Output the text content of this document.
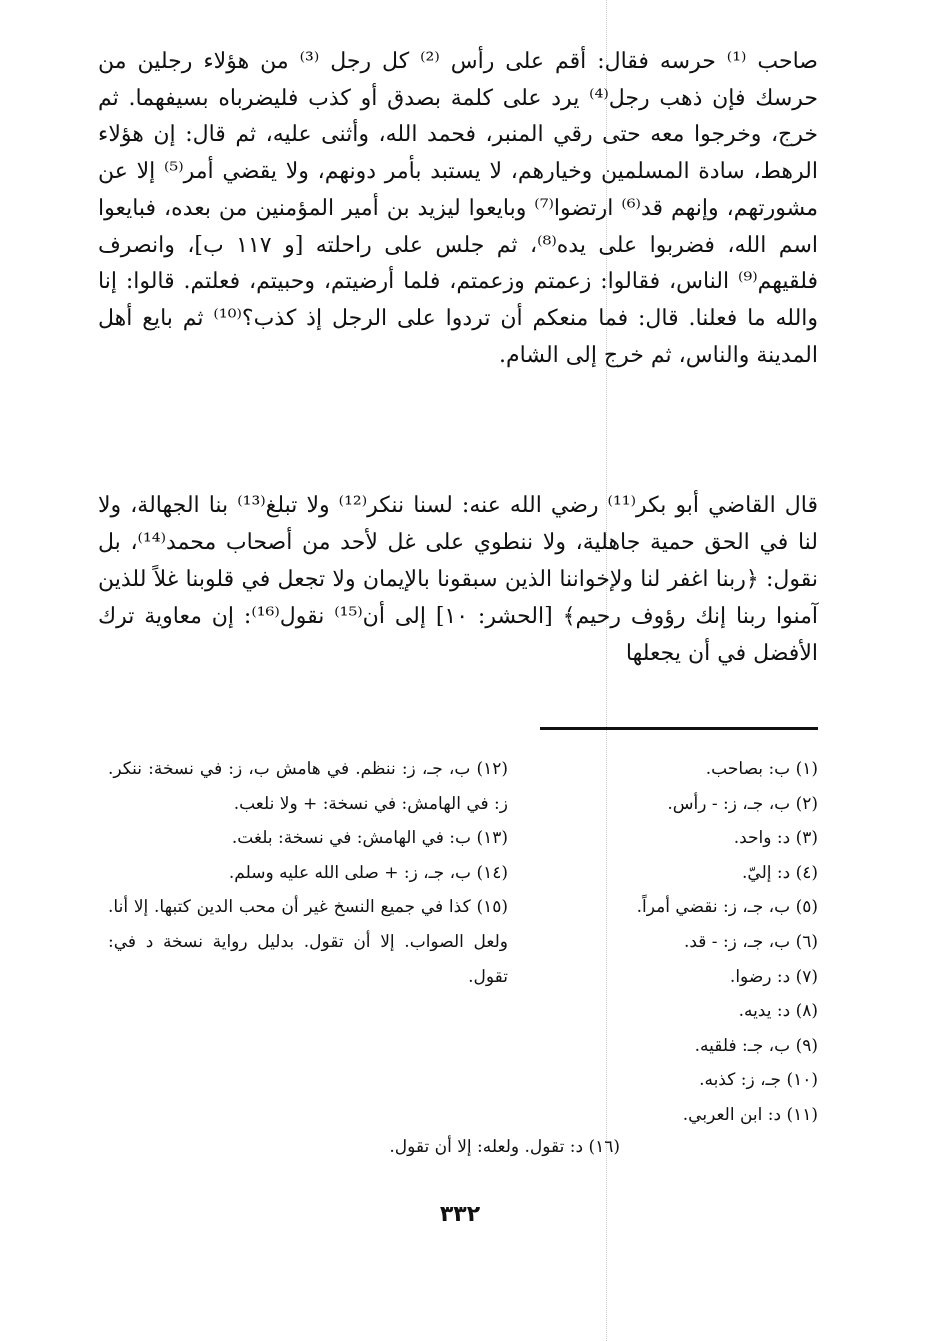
صاحب ⁽¹⁾ حرسه فقال: أقم على رأس ⁽²⁾ كل رجل ⁽³⁾ من هؤلاء رجلين من حرسك فإن ذهب رجل⁽⁴⁾ يرد على كلمة بصدق أو كذب فليضرباه بسيفهما. ثم خرج، وخرجوا معه حتى رقي المنبر، فحمد الله، وأثنى عليه، ثم قال: إن هؤلاء الرهط، سادة المسلمين وخيارهم، لا يستبد بأمر دونهم، ولا يقضي أمر⁽⁵⁾ إلا عن مشورتهم، وإنهم قد⁽⁶⁾ ارتضوا⁽⁷⁾ وبايعوا ليزيد بن أمير المؤمنين من بعده، فبايعوا اسم الله، فضربوا على يده⁽⁸⁾، ثم جلس على راحلته [و ١١٧ ب]، وانصرف فلقيهم⁽⁹⁾ الناس، فقالوا: زعمتم وزعمتم، فلما أرضيتم، وحبيتم، فعلتم. قالوا: إنا والله ما فعلنا. قال: فما منعكم أن تردوا على الرجل إذ كذب؟⁽¹⁰⁾ ثم بايع أهل المدينة والناس، ثم خرج إلى الشام.

قال القاضي أبو بكر⁽¹¹⁾ رضي الله عنه: لسنا ننكر⁽¹²⁾ ولا تبلغ⁽¹³⁾ بنا الجهالة، ولا لنا في الحق حمية جاهلية، ولا ننطوي على غل لأحد من أصحاب محمد⁽¹⁴⁾، بل نقول: ﴿ربنا اغفر لنا ولإخواننا الذين سبقونا بالإيمان ولا تجعل في قلوبنا غلاً للذين آمنوا ربنا إنك رؤوف رحيم﴾ [الحشر: ١٠] إلى أن⁽¹⁵⁾ نقول⁽¹⁶⁾: إن معاوية ترك الأفضل في أن يجعلها

(١) ب: بصاحب.

(٢) ب، جـ، ز: - رأس.

(٣) د: واحد.

(٤) د: إليّ.

(٥) ب، جـ، ز: نقضي أمراً.

(٦) ب، جـ، ز: - قد.

(٧) د: رضوا.

(٨) د: يديه.

(٩) ب، جـ: فلقيه.

(١٠) جـ، ز: كذبه.

(١١) د: ابن العربي.

(١٢) ب، جـ، ز: ننظم. في هامش ب، ز: في نسخة: ننكر. ز: في الهامش: في نسخة: + ولا نلعب.

(١٣) ب: في الهامش: في نسخة: بلغت.

(١٤) ب، جـ، ز: + صلى الله عليه وسلم.

(١٥) كذا في جميع النسخ غير أن محب الدين كتبها. إلا أنا. ولعل الصواب. إلا أن تقول. بدليل رواية نسخة د في: تقول.

(١٦) د: تقول. ولعله: إلا أن تقول.
٣٣٢
